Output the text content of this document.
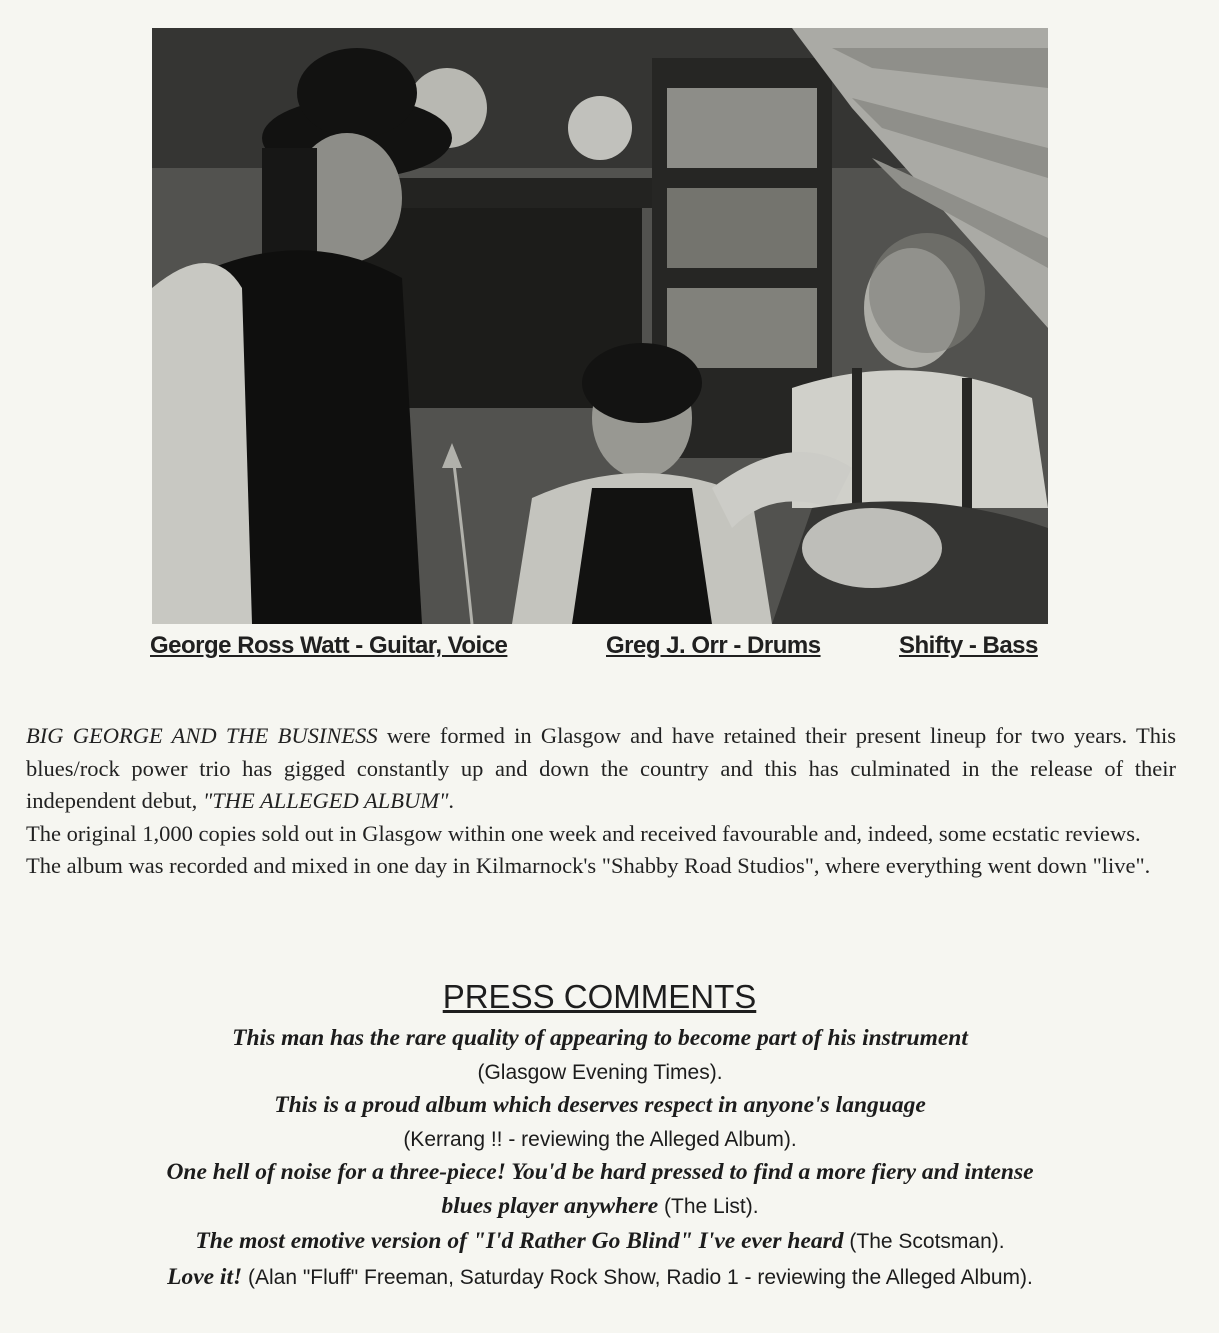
George Ross Watt - Guitar, Voice	Greg J. Orr - Drums	Shifty - Bass

BIG GEORGE AND THE BUSINESS were formed in Glasgow and have retained their present lineup for two years. This blues/rock power trio has gigged constantly up and down the country and this has culminated in the release of their independent debut, "THE ALLEGED ALBUM".

The original 1,000 copies sold out in Glasgow within one week and received favourable and, indeed, some ecstatic reviews.

The album was recorded and mixed in one day in Kilmarnock's "Shabby Road Studios", where everything went down "live".

PRESS COMMENTS
This man has the rare quality of appearing to become part of his instrument
(Glasgow Evening Times).
This is a proud album which deserves respect in anyone's language
(Kerrang !! - reviewing the Alleged Album).
One hell of noise for a three-piece! You'd be hard pressed to find a more fiery and intense
blues player anywhere (The List).
The most emotive version of "I'd Rather Go Blind" I've ever heard (The Scotsman).
Love it! (Alan "Fluff" Freeman, Saturday Rock Show, Radio 1 - reviewing the Alleged Album).
